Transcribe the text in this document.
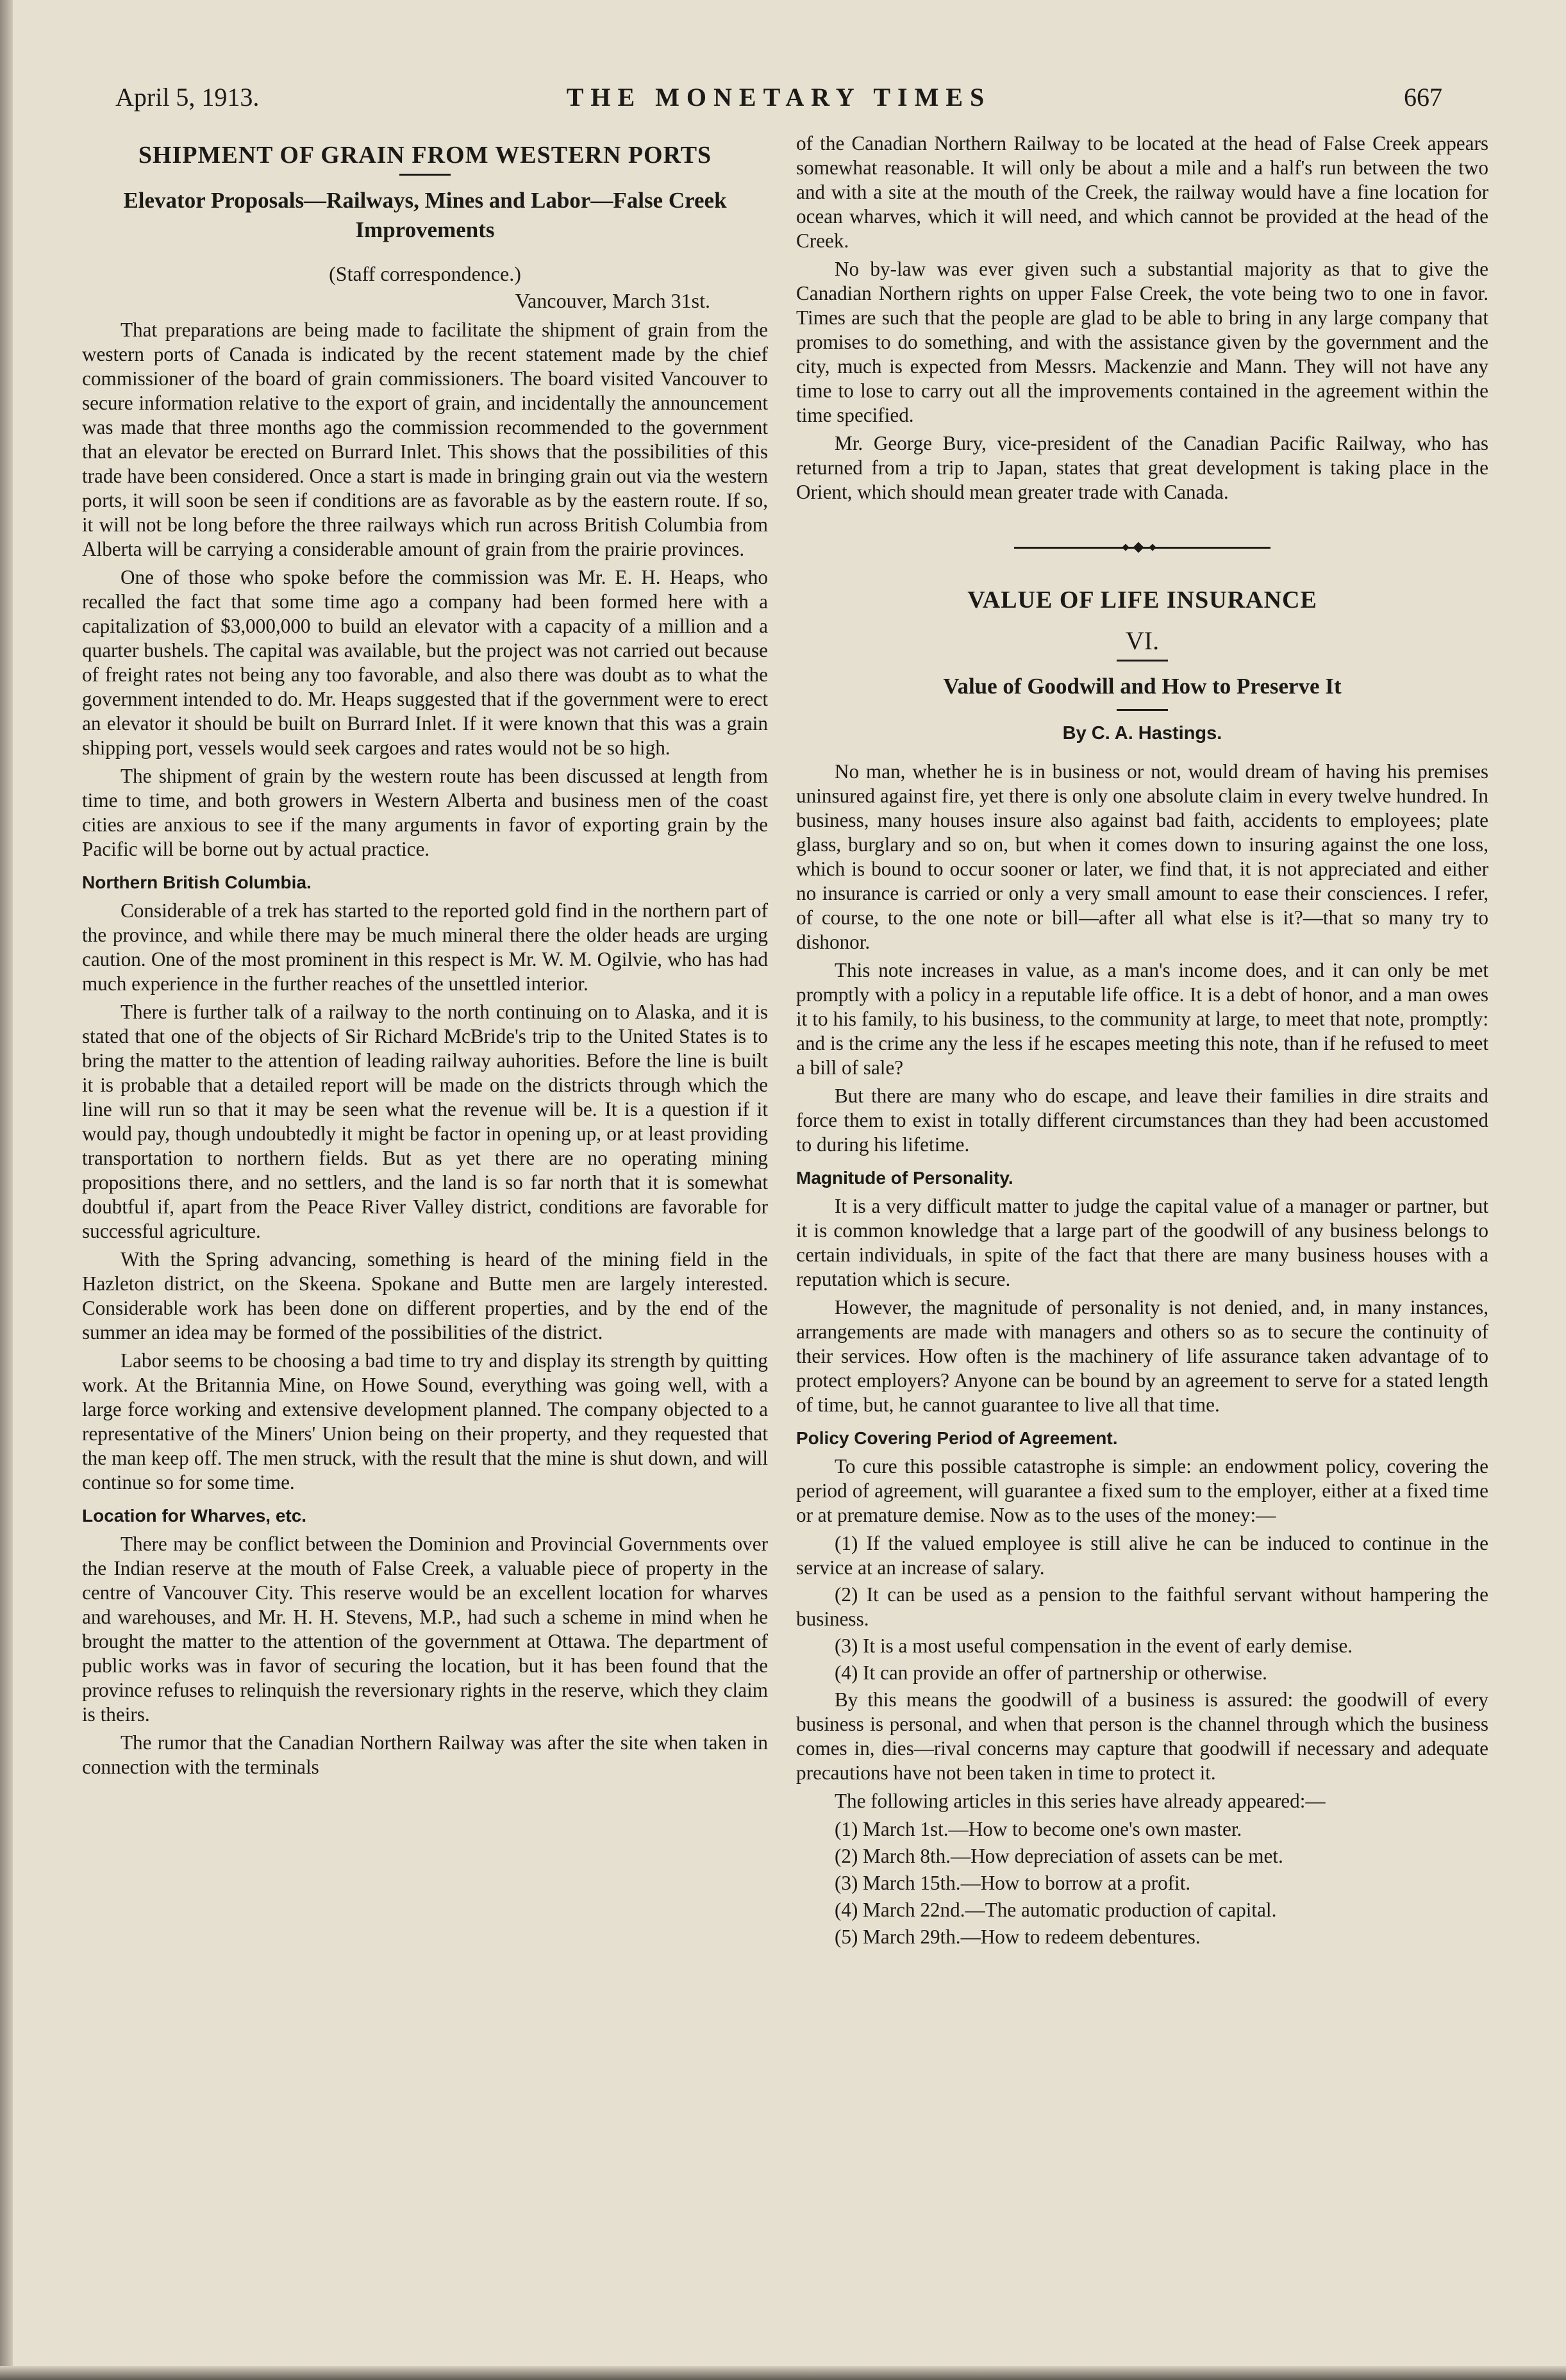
April 5, 1913.	THE MONETARY TIMES	667
SHIPMENT OF GRAIN FROM WESTERN PORTS
Elevator Proposals—Railways, Mines and Labor—False Creek Improvements
(Staff correspondence.)
Vancouver, March 31st.

That preparations are being made to facilitate the shipment of grain from the western ports of Canada is indicated by the recent statement made by the chief commissioner of the board of grain commissioners. The board visited Vancouver to secure information relative to the export of grain, and incidentally the announcement was made that three months ago the commission recommended to the government that an elevator be erected on Burrard Inlet. This shows that the possibilities of this trade have been considered. Once a start is made in bringing grain out via the western ports, it will soon be seen if conditions are as favorable as by the eastern route. If so, it will not be long before the three railways which run across British Columbia from Alberta will be carrying a considerable amount of grain from the prairie provinces.

One of those who spoke before the commission was Mr. E. H. Heaps, who recalled the fact that some time ago a company had been formed here with a capitalization of $3,000,000 to build an elevator with a capacity of a million and a quarter bushels. The capital was available, but the project was not carried out because of freight rates not being any too favorable, and also there was doubt as to what the government intended to do. Mr. Heaps suggested that if the government were to erect an elevator it should be built on Burrard Inlet. If it were known that this was a grain shipping port, vessels would seek cargoes and rates would not be so high.

The shipment of grain by the western route has been discussed at length from time to time, and both growers in Western Alberta and business men of the coast cities are anxious to see if the many arguments in favor of exporting grain by the Pacific will be borne out by actual practice.

Northern British Columbia.

Considerable of a trek has started to the reported gold find in the northern part of the province, and while there may be much mineral there the older heads are urging caution. One of the most prominent in this respect is Mr. W. M. Ogilvie, who has had much experience in the further reaches of the unsettled interior.

There is further talk of a railway to the north continuing on to Alaska, and it is stated that one of the objects of Sir Richard McBride's trip to the United States is to bring the matter to the attention of leading railway auhorities. Before the line is built it is probable that a detailed report will be made on the districts through which the line will run so that it may be seen what the revenue will be. It is a question if it would pay, though undoubtedly it might be factor in opening up, or at least providing transportation to northern fields. But as yet there are no operating mining propositions there, and no settlers, and the land is so far north that it is somewhat doubtful if, apart from the Peace River Valley district, conditions are favorable for successful agriculture.

With the Spring advancing, something is heard of the mining field in the Hazleton district, on the Skeena. Spokane and Butte men are largely interested. Considerable work has been done on different properties, and by the end of the summer an idea may be formed of the possibilities of the district.

Labor seems to be choosing a bad time to try and display its strength by quitting work. At the Britannia Mine, on Howe Sound, everything was going well, with a large force working and extensive development planned. The company objected to a representative of the Miners' Union being on their property, and they requested that the man keep off. The men struck, with the result that the mine is shut down, and will continue so for some time.

Location for Wharves, etc.

There may be conflict between the Dominion and Provincial Governments over the Indian reserve at the mouth of False Creek, a valuable piece of property in the centre of Vancouver City. This reserve would be an excellent location for wharves and warehouses, and Mr. H. H. Stevens, M.P., had such a scheme in mind when he brought the matter to the attention of the government at Ottawa. The department of public works was in favor of securing the location, but it has been found that the province refuses to relinquish the reversionary rights in the reserve, which they claim is theirs.

The rumor that the Canadian Northern Railway was after the site when taken in connection with the terminals

of the Canadian Northern Railway to be located at the head of False Creek appears somewhat reasonable. It will only be about a mile and a half's run between the two and with a site at the mouth of the Creek, the railway would have a fine location for ocean wharves, which it will need, and which cannot be provided at the head of the Creek.

No by-law was ever given such a substantial majority as that to give the Canadian Northern rights on upper False Creek, the vote being two to one in favor. Times are such that the people are glad to be able to bring in any large company that promises to do something, and with the assistance given by the government and the city, much is expected from Messrs. Mackenzie and Mann. They will not have any time to lose to carry out all the improvements contained in the agreement within the time specified.

Mr. George Bury, vice-president of the Canadian Pacific Railway, who has returned from a trip to Japan, states that great development is taking place in the Orient, which should mean greater trade with Canada.

VALUE OF LIFE INSURANCE
VI.
Value of Goodwill and How to Preserve It
By C. A. Hastings.

No man, whether he is in business or not, would dream of having his premises uninsured against fire, yet there is only one absolute claim in every twelve hundred. In business, many houses insure also against bad faith, accidents to employees; plate glass, burglary and so on, but when it comes down to insuring against the one loss, which is bound to occur sooner or later, we find that, it is not appreciated and either no insurance is carried or only a very small amount to ease their consciences. I refer, of course, to the one note or bill—after all what else is it?—that so many try to dishonor.

This note increases in value, as a man's income does, and it can only be met promptly with a policy in a reputable life office. It is a debt of honor, and a man owes it to his family, to his business, to the community at large, to meet that note, promptly: and is the crime any the less if he escapes meeting this note, than if he refused to meet a bill of sale?

But there are many who do escape, and leave their families in dire straits and force them to exist in totally different circumstances than they had been accustomed to during his lifetime.

Magnitude of Personality.

It is a very difficult matter to judge the capital value of a manager or partner, but it is common knowledge that a large part of the goodwill of any business belongs to certain individuals, in spite of the fact that there are many business houses with a reputation which is secure.

However, the magnitude of personality is not denied, and, in many instances, arrangements are made with managers and others so as to secure the continuity of their services. How often is the machinery of life assurance taken advantage of to protect employers? Anyone can be bound by an agreement to serve for a stated length of time, but, he cannot guarantee to live all that time.

Policy Covering Period of Agreement.

To cure this possible catastrophe is simple: an endowment policy, covering the period of agreement, will guarantee a fixed sum to the employer, either at a fixed time or at premature demise. Now as to the uses of the money:—

(1) If the valued employee is still alive he can be induced to continue in the service at an increase of salary.
(2) It can be used as a pension to the faithful servant without hampering the business.
(3) It is a most useful compensation in the event of early demise.
(4) It can provide an offer of partnership or otherwise.

By this means the goodwill of a business is assured: the goodwill of every business is personal, and when that person is the channel through which the business comes in, dies—rival concerns may capture that goodwill if necessary and adequate precautions have not been taken in time to protect it.

The following articles in this series have already appeared:—

(1) March 1st.—How to become one's own master.
(2) March 8th.—How depreciation of assets can be met.
(3) March 15th.—How to borrow at a profit.
(4) March 22nd.—The automatic production of capital.
(5) March 29th.—How to redeem debentures.
